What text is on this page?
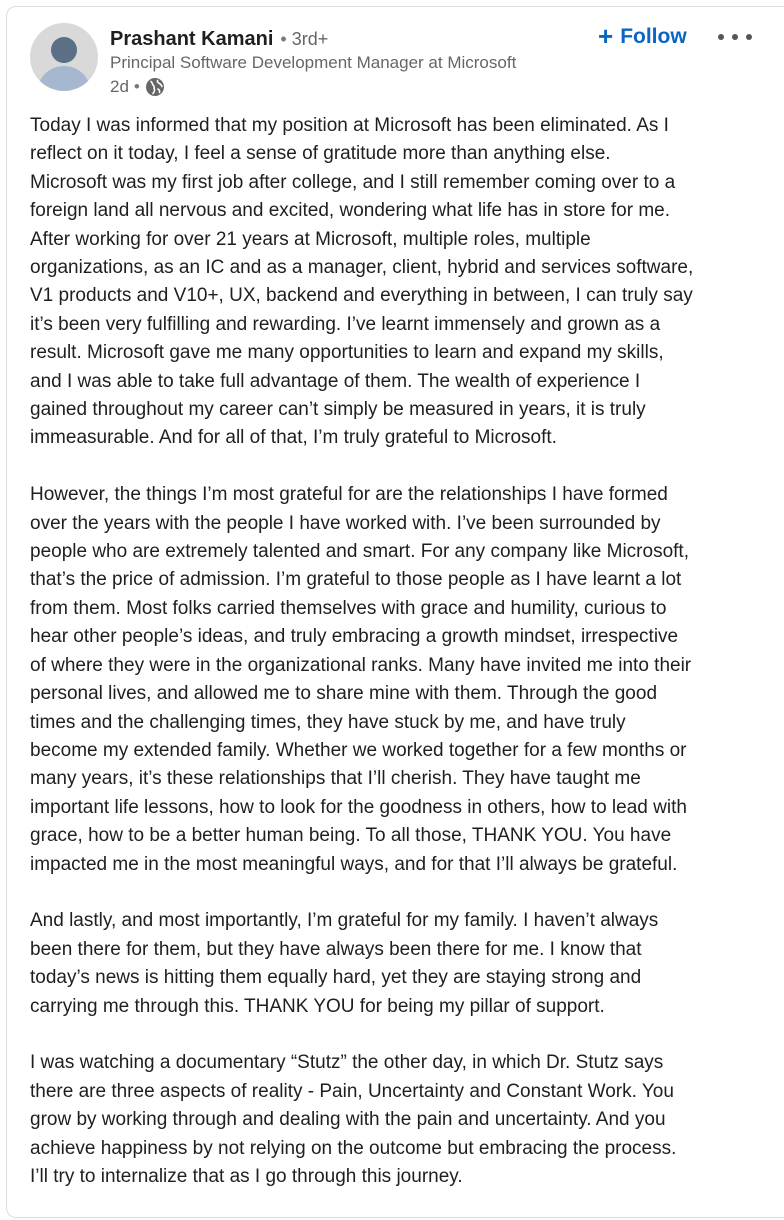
Prashant Kamani • 3rd+
Principal Software Development Manager at Microsoft
2d •
+ Follow

Today I was informed that my position at Microsoft has been eliminated. As I
reflect on it today, I feel a sense of gratitude more than anything else.
Microsoft was my first job after college, and I still remember coming over to a
foreign land all nervous and excited, wondering what life has in store for me.
After working for over 21 years at Microsoft, multiple roles, multiple
organizations, as an IC and as a manager, client, hybrid and services software,
V1 products and V10+, UX, backend and everything in between, I can truly say
it’s been very fulfilling and rewarding. I’ve learnt immensely and grown as a
result. Microsoft gave me many opportunities to learn and expand my skills,
and I was able to take full advantage of them. The wealth of experience I
gained throughout my career can’t simply be measured in years, it is truly
immeasurable. And for all of that, I’m truly grateful to Microsoft.

However, the things I’m most grateful for are the relationships I have formed
over the years with the people I have worked with. I’ve been surrounded by
people who are extremely talented and smart. For any company like Microsoft,
that’s the price of admission. I’m grateful to those people as I have learnt a lot
from them. Most folks carried themselves with grace and humility, curious to
hear other people’s ideas, and truly embracing a growth mindset, irrespective
of where they were in the organizational ranks. Many have invited me into their
personal lives, and allowed me to share mine with them. Through the good
times and the challenging times, they have stuck by me, and have truly
become my extended family. Whether we worked together for a few months or
many years, it’s these relationships that I’ll cherish. They have taught me
important life lessons, how to look for the goodness in others, how to lead with
grace, how to be a better human being. To all those, THANK YOU. You have
impacted me in the most meaningful ways, and for that I’ll always be grateful.

And lastly, and most importantly, I’m grateful for my family. I haven’t always
been there for them, but they have always been there for me. I know that
today’s news is hitting them equally hard, yet they are staying strong and
carrying me through this. THANK YOU for being my pillar of support.

I was watching a documentary “Stutz” the other day, in which Dr. Stutz says
there are three aspects of reality - Pain, Uncertainty and Constant Work. You
grow by working through and dealing with the pain and uncertainty. And you
achieve happiness by not relying on the outcome but embracing the process.
I’ll try to internalize that as I go through this journey.
